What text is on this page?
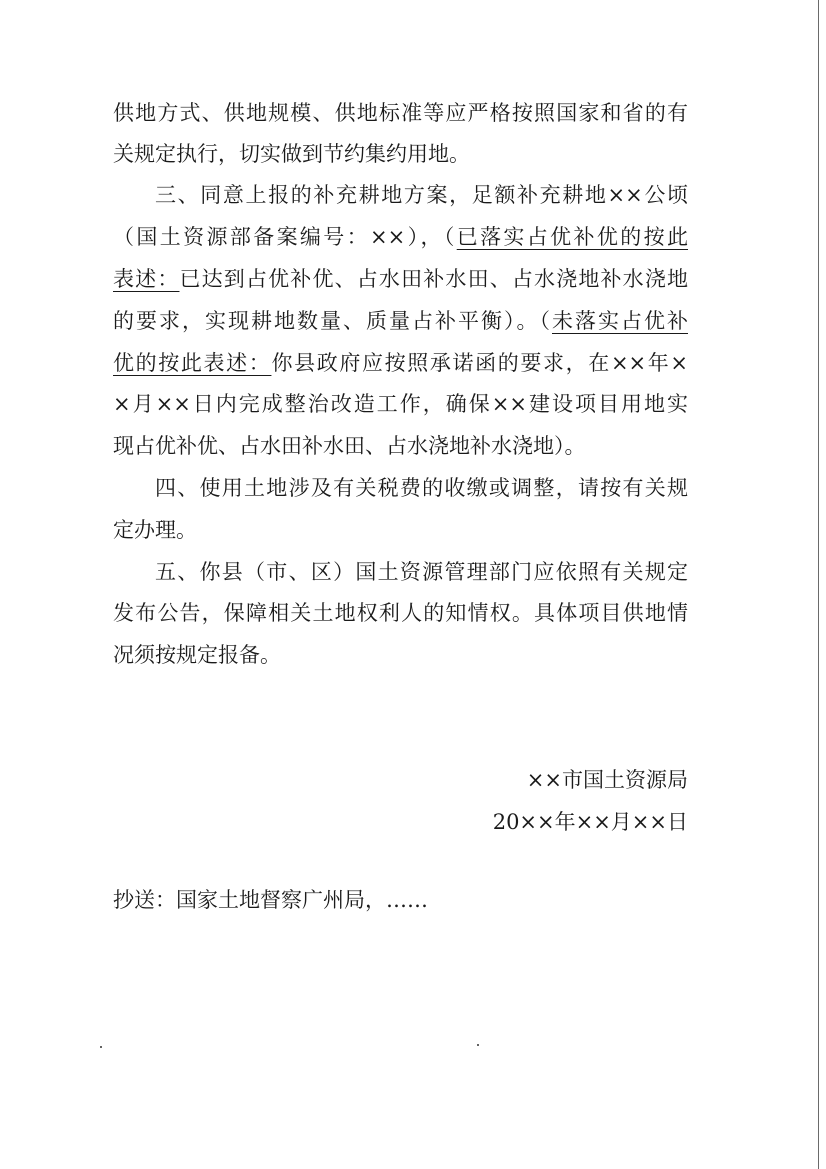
供地方式、供地规模、供地标准等应严格按照国家和省的有
关规定执行，切实做到节约集约用地。
三、同意上报的补充耕地方案，足额补充耕地××公顷
（国土资源部备案编号：××），（已落实占优补优的按此
表述：已达到占优补优、占水田补水田、占水浇地补水浇地
的要求，实现耕地数量、质量占补平衡）。（未落实占优补
优的按此表述：你县政府应按照承诺函的要求，在××年×
×月××日内完成整治改造工作，确保××建设项目用地实
现占优补优、占水田补水田、占水浇地补水浇地）。
四、使用土地涉及有关税费的收缴或调整，请按有关规
定办理。
五、你县（市、区）国土资源管理部门应依照有关规定
发布公告，保障相关土地权利人的知情权。具体项目供地情
况须按规定报备。
××市国土资源局
20××年××月××日
抄送：国家土地督察广州局，……
